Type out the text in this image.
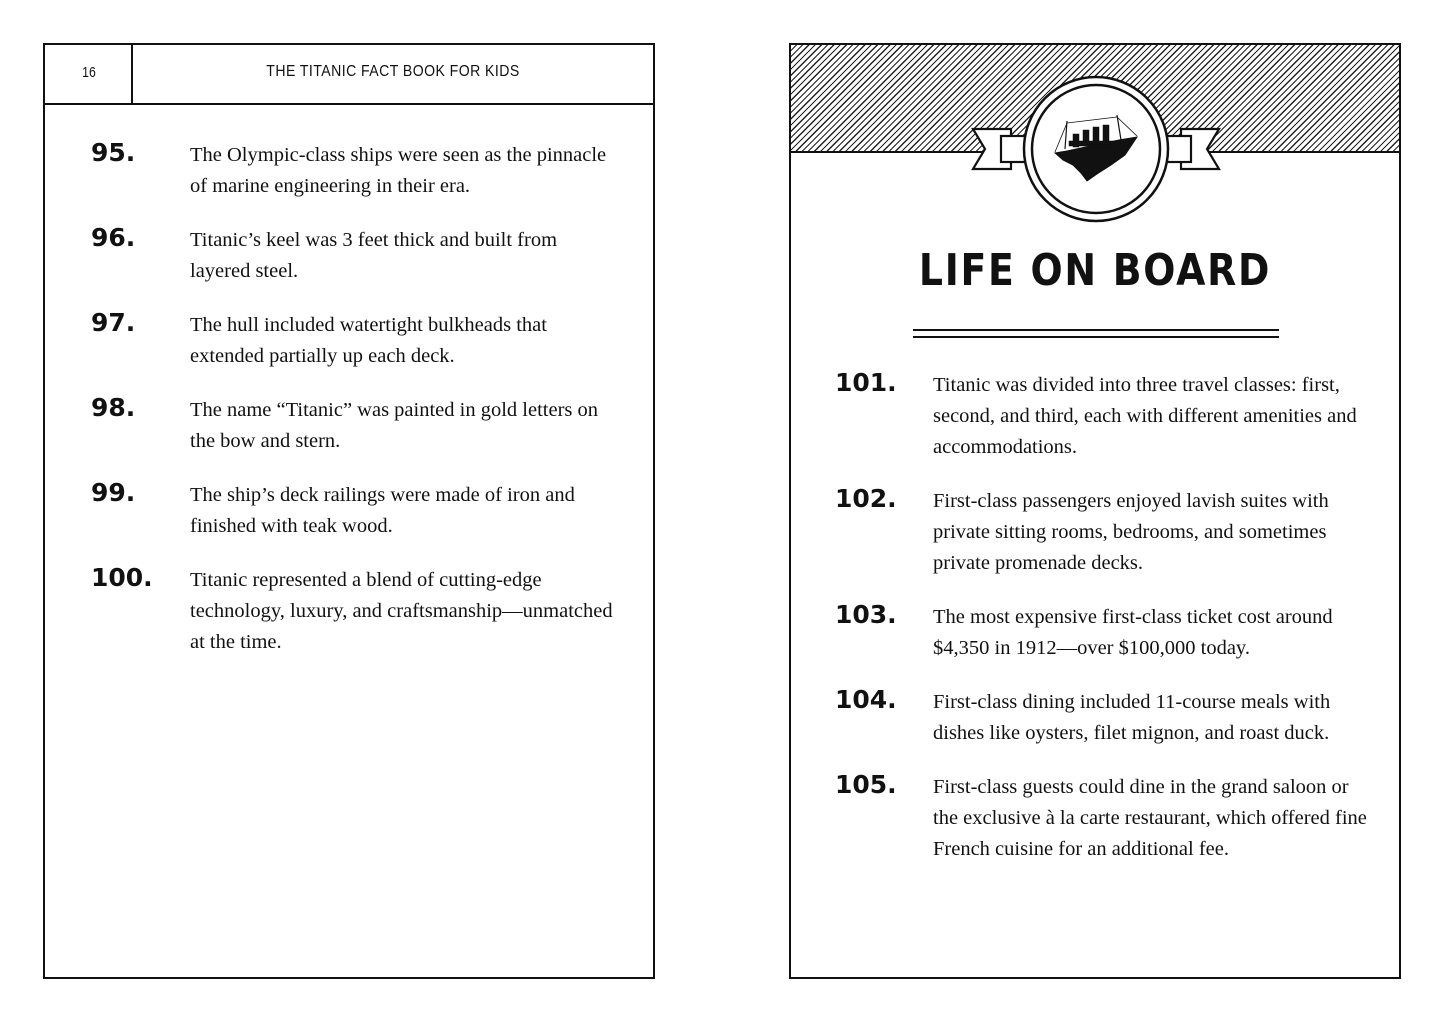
16	THE TITANIC FACT BOOK FOR KIDS
95.	The Olympic-class ships were seen as the pinnacle of marine engineering in their era.
96.	Titanic’s keel was 3 feet thick and built from layered steel.
97.	The hull included watertight bulkheads that extended partially up each deck.
98.	The name “Titanic” was painted in gold letters on the bow and stern.
99.	The ship’s deck railings were made of iron and finished with teak wood.
100. Titanic represented a blend of cutting-edge technology, luxury, and craftsmanship—unmatched at the time.
LIFE ON BOARD
101. Titanic was divided into three travel classes: first, second, and third, each with different amenities and accommodations.
102. First-class passengers enjoyed lavish suites with private sitting rooms, bedrooms, and sometimes private promenade decks.
103. The most expensive first-class ticket cost around $4,350 in 1912—over $100,000 today.
104. First-class dining included 11-course meals with dishes like oysters, filet mignon, and roast duck.
105. First-class guests could dine in the grand saloon or the exclusive à la carte restaurant, which offered fine French cuisine for an additional fee.
